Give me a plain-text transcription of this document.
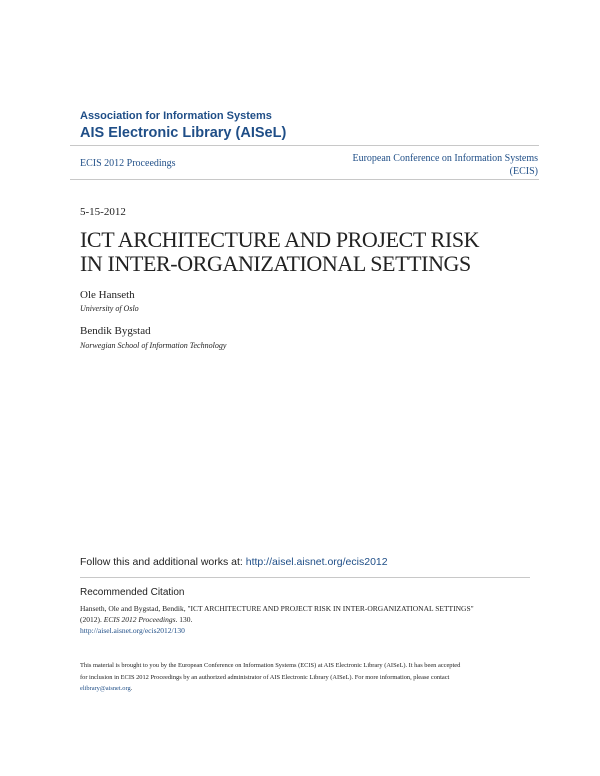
Association for Information Systems
AIS Electronic Library (AISeL)
ECIS 2012 Proceedings	European Conference on Information Systems
(ECIS)
5-15-2012
ICT ARCHITECTURE AND PROJECT RISK
IN INTER-ORGANIZATIONAL SETTINGS
Ole Hanseth
University of Oslo
Bendik Bygstad
Norwegian School of Information Technology
Follow this and additional works at: http://aisel.aisnet.org/ecis2012
Recommended Citation
Hanseth, Ole and Bygstad, Bendik, "ICT ARCHITECTURE AND PROJECT RISK IN INTER-ORGANIZATIONAL SETTINGS"
(2012). ECIS 2012 Proceedings. 130.
http://aisel.aisnet.org/ecis2012/130
This material is brought to you by the European Conference on Information Systems (ECIS) at AIS Electronic Library (AISeL). It has been accepted
for inclusion in ECIS 2012 Proceedings by an authorized administrator of AIS Electronic Library (AISeL). For more information, please contact
elibrary@aisnet.org.
